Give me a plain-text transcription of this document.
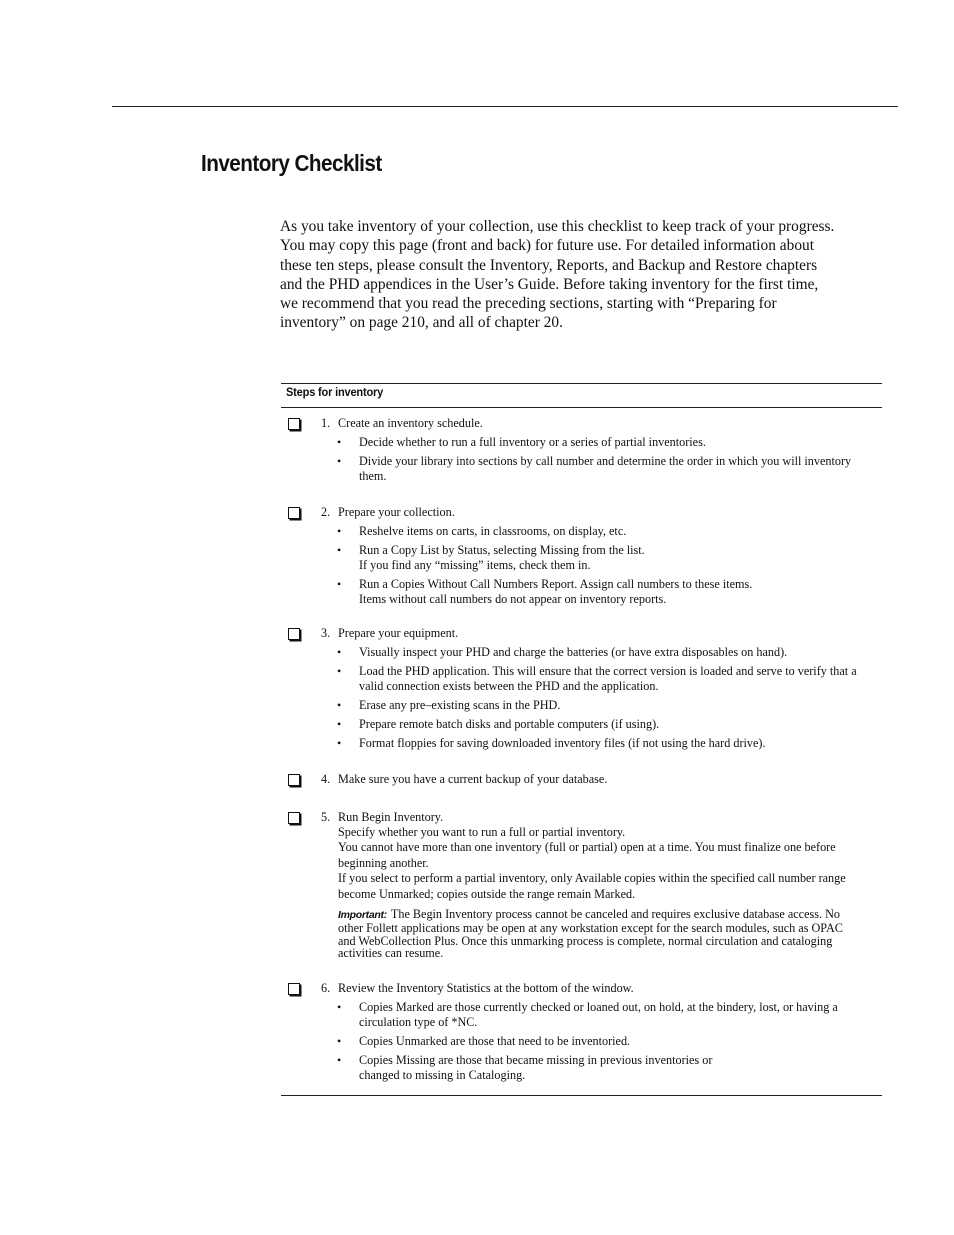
Inventory Checklist

As you take inventory of your collection, use this checklist to keep track of your progress. You may copy this page (front and back) for future use. For detailed information about these ten steps, please consult the Inventory, Reports, and Backup and Restore chapters and the PHD appendices in the User’s Guide. Before taking inventory for the first time, we recommend that you read the preceding sections, starting with “Preparing for inventory” on page 210, and all of chapter 20.

Steps for inventory
1. Create an inventory schedule.
• Decide whether to run a full inventory or a series of partial inventories.
• Divide your library into sections by call number and determine the order in which you will inventory them.
2. Prepare your collection.
• Reshelve items on carts, in classrooms, on display, etc.
• Run a Copy List by Status, selecting Missing from the list.
If you find any “missing” items, check them in.
• Run a Copies Without Call Numbers Report. Assign call numbers to these items.
Items without call numbers do not appear on inventory reports.
3. Prepare your equipment.
• Visually inspect your PHD and charge the batteries (or have extra disposables on hand).
• Load the PHD application. This will ensure that the correct version is loaded and serve to verify that a valid connection exists between the PHD and the application.
• Erase any pre–existing scans in the PHD.
• Prepare remote batch disks and portable computers (if using).
• Format floppies for saving downloaded inventory files (if not using the hard drive).
4. Make sure you have a current backup of your database.
5. Run Begin Inventory.
Specify whether you want to run a full or partial inventory.
You cannot have more than one inventory (full or partial) open at a time. You must finalize one before beginning another.
If you select to perform a partial inventory, only Available copies within the specified call number range become Unmarked; copies outside the range remain Marked.
Important: The Begin Inventory process cannot be canceled and requires exclusive database access. No other Follett applications may be open at any workstation except for the search modules, such as OPAC and WebCollection Plus. Once this unmarking process is complete, normal circulation and cataloging activities can resume.
6. Review the Inventory Statistics at the bottom of the window.
• Copies Marked are those currently checked or loaned out, on hold, at the bindery, lost, or having a circulation type of *NC.
• Copies Unmarked are those that need to be inventoried.
• Copies Missing are those that became missing in previous inventories or
changed to missing in Cataloging.
